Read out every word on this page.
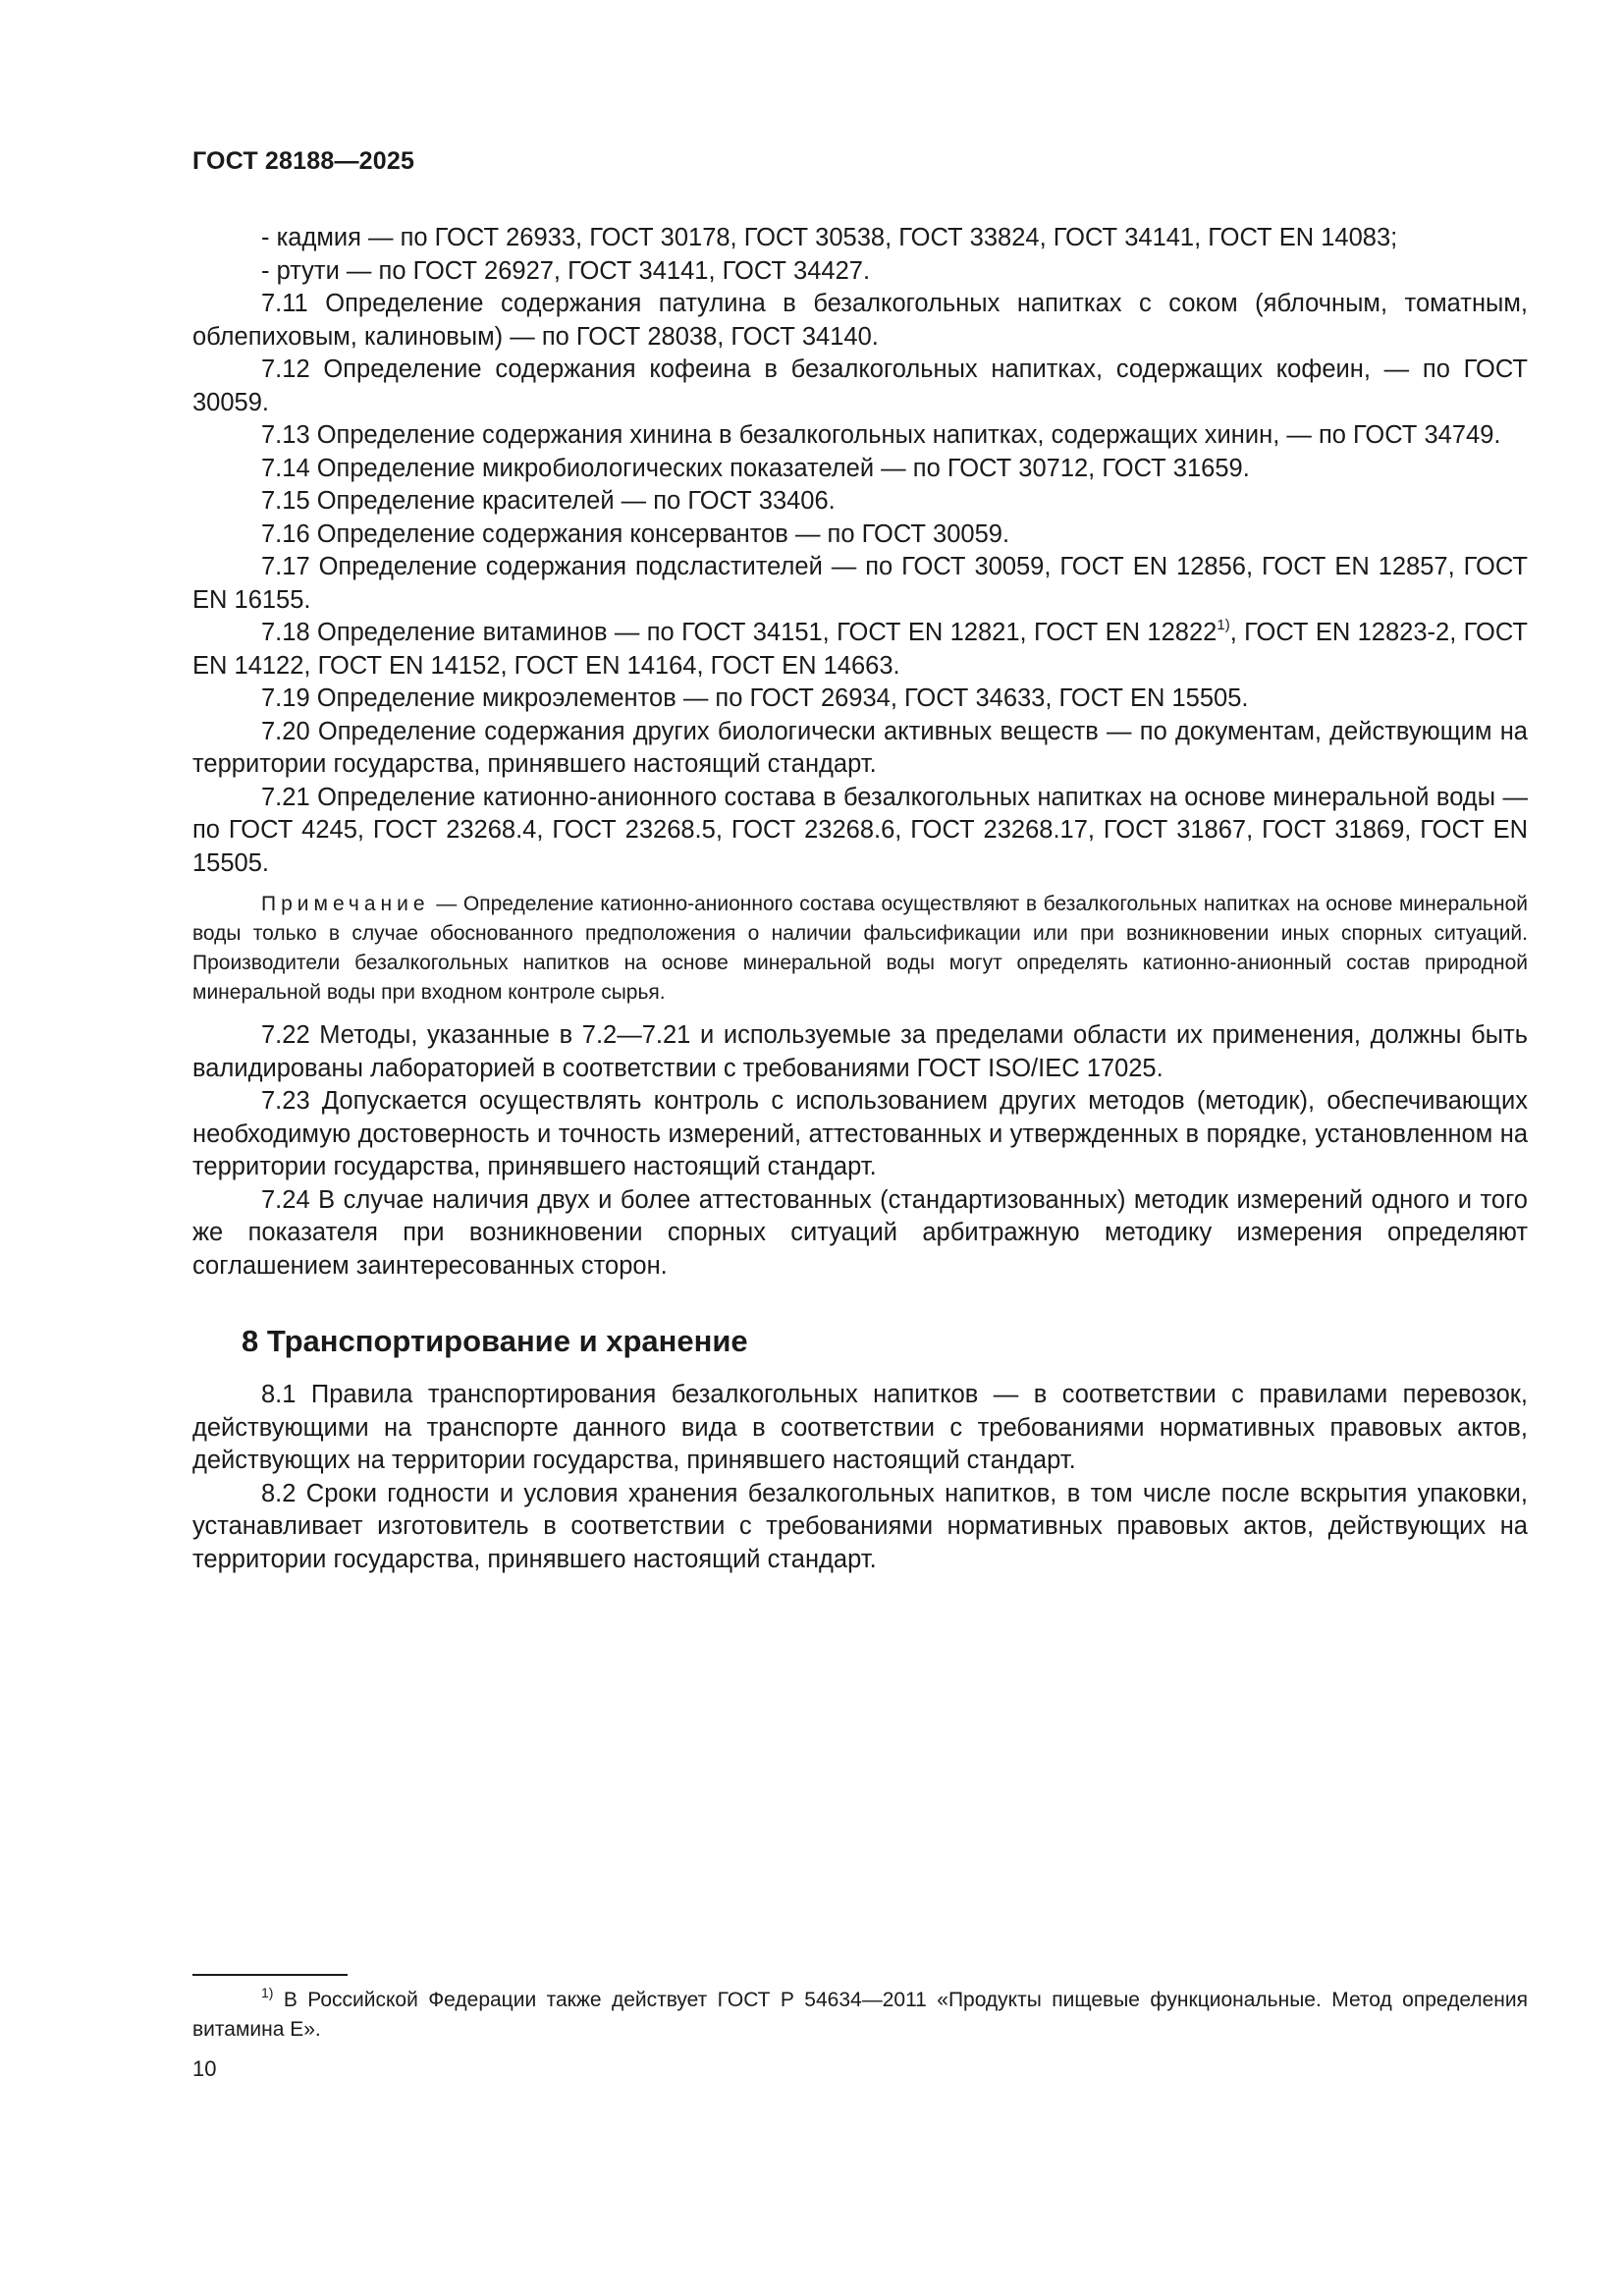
ГОСТ 28188—2025

- кадмия — по ГОСТ 26933, ГОСТ 30178, ГОСТ 30538, ГОСТ 33824, ГОСТ 34141, ГОСТ EN 14083;

- ртути — по ГОСТ 26927, ГОСТ 34141, ГОСТ 34427.

7.11 Определение содержания патулина в безалкогольных напитках с соком (яблочным, томатным, облепиховым, калиновым) — по ГОСТ 28038, ГОСТ 34140.

7.12 Определение содержания кофеина в безалкогольных напитках, содержащих кофеин, — по ГОСТ 30059.

7.13 Определение содержания хинина в безалкогольных напитках, содержащих хинин, — по ГОСТ 34749.

7.14 Определение микробиологических показателей — по ГОСТ 30712, ГОСТ 31659.

7.15 Определение красителей — по ГОСТ 33406.

7.16 Определение содержания консервантов — по ГОСТ 30059.

7.17 Определение содержания подсластителей — по ГОСТ 30059, ГОСТ EN 12856, ГОСТ EN 12857, ГОСТ EN 16155.

7.18 Определение витаминов — по ГОСТ 34151, ГОСТ EN 12821, ГОСТ EN 12822$^{1)}$, ГОСТ EN 12823-2, ГОСТ EN 14122, ГОСТ EN 14152, ГОСТ EN 14164, ГОСТ EN 14663.

7.19 Определение микроэлементов — по ГОСТ 26934, ГОСТ 34633, ГОСТ EN 15505.

7.20 Определение содержания других биологически активных веществ — по документам, действующим на территории государства, принявшего настоящий стандарт.

7.21 Определение катионно-анионного состава в безалкогольных напитках на основе минеральной воды — по ГОСТ 4245, ГОСТ 23268.4, ГОСТ 23268.5, ГОСТ 23268.6, ГОСТ 23268.17, ГОСТ 31867, ГОСТ 31869, ГОСТ EN 15505.

Примечание — Определение катионно-анионного состава осуществляют в безалкогольных напитках на основе минеральной воды только в случае обоснованного предположения о наличии фальсификации или при возникновении иных спорных ситуаций. Производители безалкогольных напитков на основе минеральной воды могут определять катионно-анионный состав природной минеральной воды при входном контроле сырья.

7.22 Методы, указанные в 7.2—7.21 и используемые за пределами области их применения, должны быть валидированы лабораторией в соответствии с требованиями ГОСТ ISO/IEC 17025.

7.23 Допускается осуществлять контроль с использованием других методов (методик), обеспечивающих необходимую достоверность и точность измерений, аттестованных и утвержденных в порядке, установленном на территории государства, принявшего настоящий стандарт.

7.24 В случае наличия двух и более аттестованных (стандартизованных) методик измерений одного и того же показателя при возникновении спорных ситуаций арбитражную методику измерения определяют соглашением заинтересованных сторон.

8 Транспортирование и хранение

8.1 Правила транспортирования безалкогольных напитков — в соответствии с правилами перевозок, действующими на транспорте данного вида в соответствии с требованиями нормативных правовых актов, действующих на территории государства, принявшего настоящий стандарт.

8.2 Сроки годности и условия хранения безалкогольных напитков, в том числе после вскрытия упаковки, устанавливает изготовитель в соответствии с требованиями нормативных правовых актов, действующих на территории государства, принявшего настоящий стандарт.

$^{1)}$ В Российской Федерации также действует ГОСТ Р 54634—2011 «Продукты пищевые функциональные. Метод определения витамина Е».
10
